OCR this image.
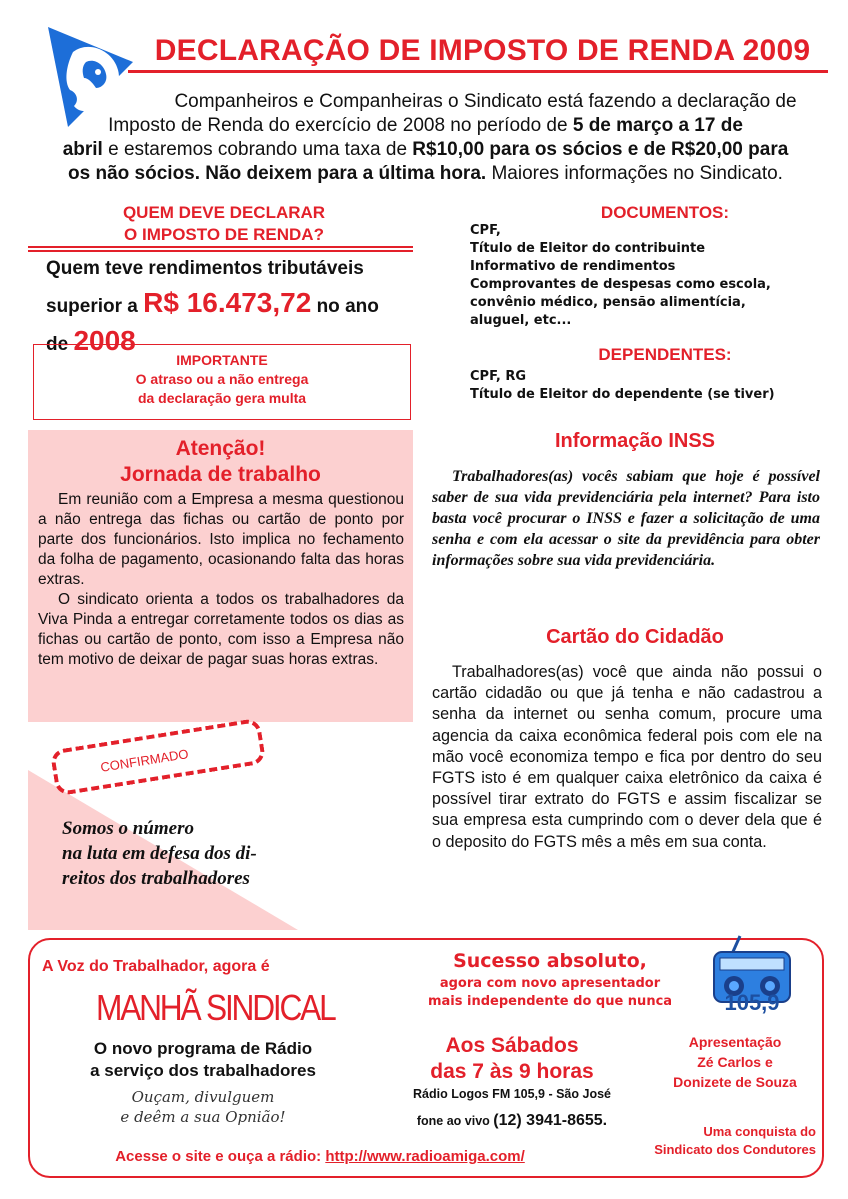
DECLARAÇÃO DE IMPOSTO DE RENDA 2009
Companheiros e Companheiras o Sindicato está fazendo a declaração de
Imposto de Renda do exercício de 2008 no período de 5 de março a 17 de
abril e estaremos cobrando uma taxa de R$10,00 para os sócios e de R$20,00 para
os não sócios. Não deixem para a última hora. Maiores informações no Sindicato.
QUEM DEVE DECLARAR
O IMPOSTO DE RENDA?
Quem teve rendimentos tributáveis
superior a R$ 16.473,72 no ano
de 2008
IMPORTANTE
O atraso ou a não entrega
da declaração gera multa
DOCUMENTOS:
CPF,
Título de Eleitor do contribuinte
Informativo de rendimentos
Comprovantes de despesas como escola,
convênio médico, pensão alimentícia,
aluguel, etc...
DEPENDENTES:
CPF, RG
Título de Eleitor do dependente (se tiver)
Atenção!
Jornada de trabalho

Em reunião com a Empresa a mesma questionou a não entrega das fichas ou cartão de ponto por parte dos funcionários. Isto implica no fechamento da folha de pagamento, ocasionando falta das horas extras.

O sindicato orienta a todos os trabalhadores da Viva Pinda a entregar corretamente todos os dias as fichas ou cartão de ponto, com isso a Empresa não tem motivo de deixar de pagar suas horas extras.

CONFIRMADO
Somos o número
na luta em defesa dos di-
reitos dos trabalhadores
Informação INSS
Trabalhadores(as) vocês sabiam que hoje é possível saber de sua vida previdenciária pela internet? Para isto basta você procurar o INSS e fazer a solicitação de uma senha e com ela acessar o site da previdência para obter informações sobre sua vida previdenciária.
Cartão do Cidadão
Trabalhadores(as) você que ainda não possui o cartão cidadão ou que já tenha e não cadastrou a senha da internet ou senha comum, procure uma agencia da caixa econômica federal pois com ele na mão você economiza tempo e fica por dentro do seu FGTS isto é em qualquer caixa eletrônico da caixa é possível tirar extrato do FGTS e assim fiscalizar se sua empresa esta cumprindo com o dever dela que é o deposito do FGTS mês a mês em sua conta.
A Voz do Trabalhador, agora é
MANHÃ SINDICAL
O novo programa de Rádio
a serviço dos trabalhadores
Ouçam, divulguem
e deêm a sua Opnião!
Acesse o site e ouça a rádio: http://www.radioamiga.com/
Sucesso absoluto,
agora com novo apresentador
mais independente do que nunca
Aos Sábados
das 7 às 9 horas
Rádio Logos FM 105,9 - São José
fone ao vivo (12) 3941-8655.
105,9
Apresentação
Zé Carlos e
Donizete de Souza
Uma conquista do
Sindicato dos Condutores
